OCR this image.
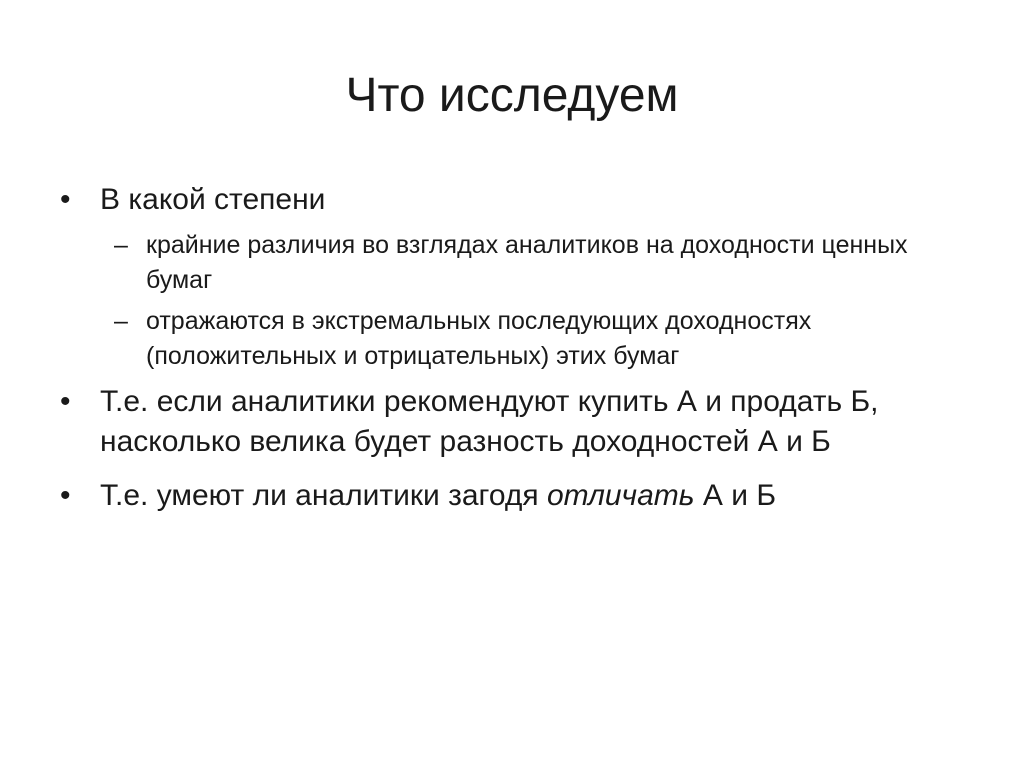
Что исследуем
• В какой степени
– крайние различия во взглядах аналитиков на доходности ценных бумаг
– отражаются в экстремальных последующих доходностях (положительных и отрицательных) этих бумаг
• Т.е. если аналитики рекомендуют купить А и продать Б, насколько велика будет разность доходностей А и Б
• Т.е. умеют ли аналитики загодя отличать А и Б
